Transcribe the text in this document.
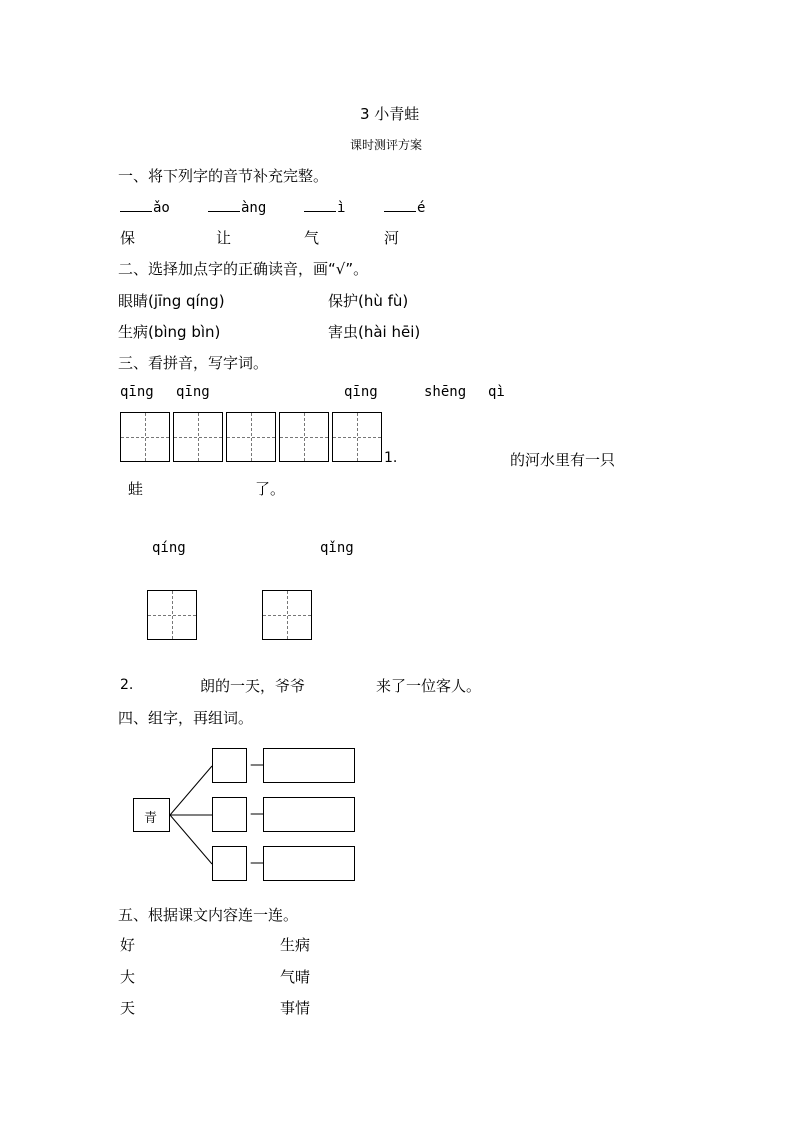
3 小青蛙
课时测评方案
一、将下列字的音节补充完整。
ǎo	àng	ì	é
保	让	气	河
二、选择加点字的正确读音，画“√”。
眼睛(jīng qíng)	保护(hù fù)
生病(bìng bìn)	害虫(hài hēi)
三、看拼音，写字词。
qīng qīng	qīng	shēng qì
1.	的河水里有一只
蛙	了。
qíng	qǐng
2.	朗的一天，爷爷	来了一位客人。
四、组字，再组词。
青
—
—
—
五、根据课文内容连一连。
好	生病
大	气晴
天	事情
